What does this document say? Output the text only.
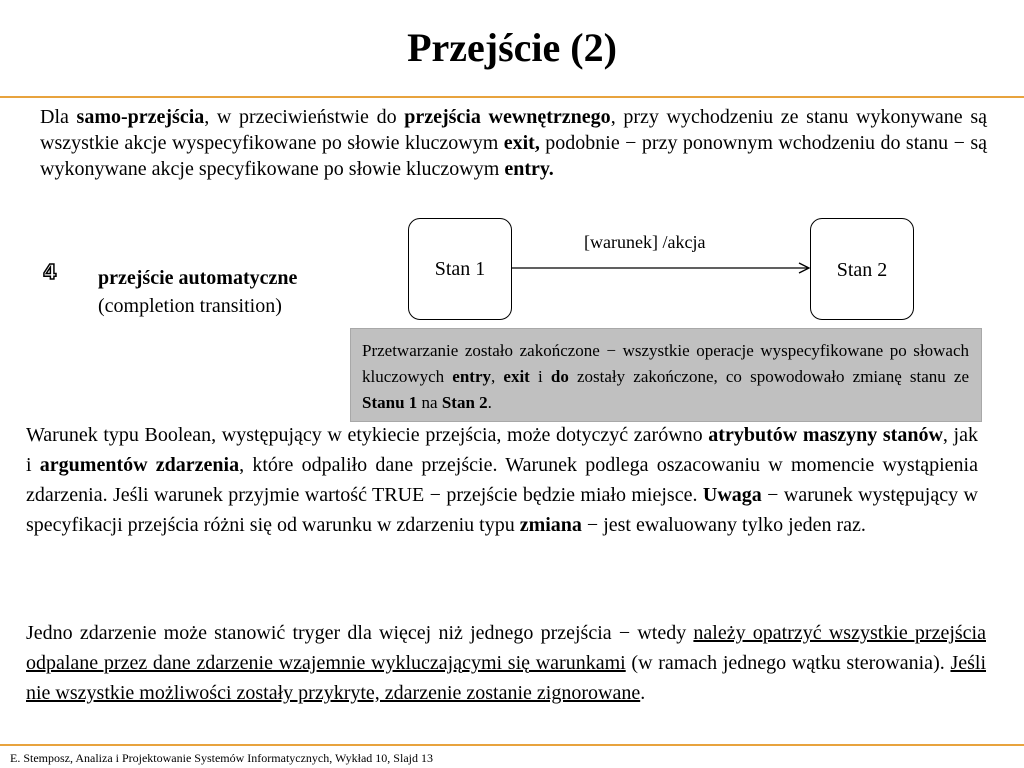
Przejście (2)
Dla samo-przejścia, w przeciwieństwie do przejścia wewnętrznego, przy wychodzeniu ze stanu wykonywane są wszystkie akcje wyspecyfikowane po słowie kluczowym exit, podobnie − przy ponownym wchodzeniu do stanu − są wykonywane akcje specyfikowane po słowie kluczowym entry.
4	przejście automatyczne
(completion transition)
Stan 1	Stan 2
[warunek] /akcja
Przetwarzanie zostało zakończone − wszystkie operacje wyspecyfikowane po słowach kluczowych entry, exit i do zostały zakończone, co spowodowało zmianę stanu ze Stanu 1 na Stan 2.
Warunek typu Boolean, występujący w etykiecie przejścia, może dotyczyć zarówno atrybutów maszyny stanów, jak i argumentów zdarzenia, które odpaliło dane przejście. Warunek podlega oszacowaniu w momencie wystąpienia zdarzenia. Jeśli warunek przyjmie wartość TRUE − przejście będzie miało miejsce. Uwaga − warunek występujący w specyfikacji przejścia różni się od warunku w zdarzeniu typu zmiana − jest ewaluowany tylko jeden raz.
Jedno zdarzenie może stanowić tryger dla więcej niż jednego przejścia − wtedy należy opatrzyć wszystkie przejścia odpalane przez dane zdarzenie wzajemnie wykluczającymi się warunkami (w ramach jednego wątku sterowania). Jeśli nie wszystkie możliwości zostały przykryte, zdarzenie zostanie zignorowane.
E. Stemposz, Analiza i Projektowanie Systemów Informatycznych, Wykład 10, Slajd 13
